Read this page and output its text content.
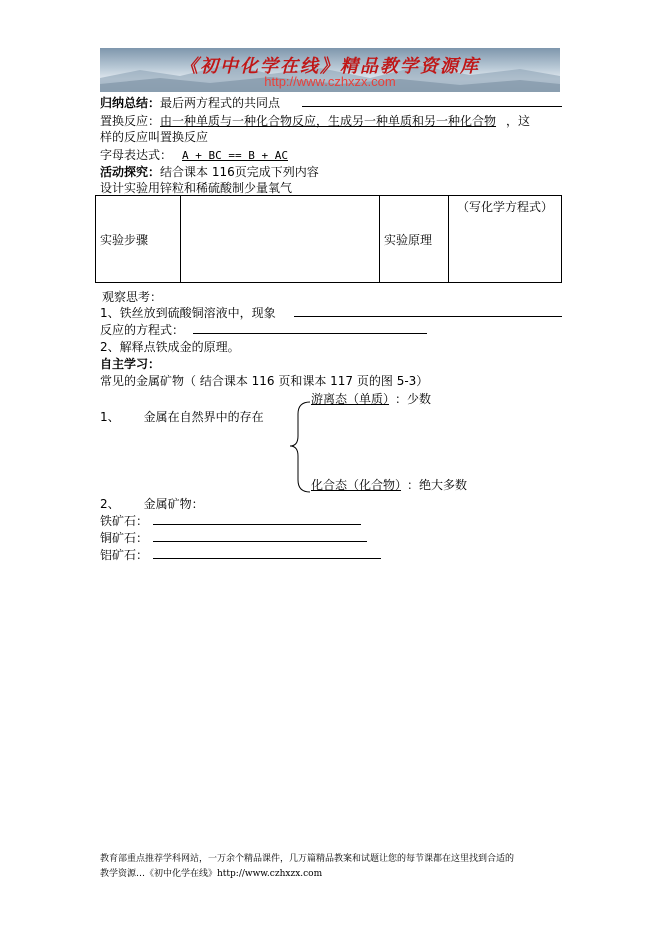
《初中化学在线》精品教学资源库
http://www.czhxzx.com
归纳总结：最后两方程式的共同点
置换反应：由一种单质与一种化合物反应，生成另一种单质和另一种化合物 ，这
样的反应叫置换反应
字母表达式： A + BC == B + AC
活动探究：结合课本 116页完成下列内容
设计实验用锌粒和稀硫酸制少量氧气
实验步骤		实验原理	（写化学方程式）
观察思考：
1、铁丝放到硫酸铜溶液中，现象
反应的方程式：
2、解释点铁成金的原理。
自主学习：
常见的金属矿物（ 结合课本 116 页和课本 117 页的图 5-3）
游离态（单质） ：少数
1、 金属在自然界中的存在
化合态（化合物） ：绝大多数
2、 金属矿物：
铁矿石：
铜矿石：
铝矿石：
教育部重点推荐学科网站，一万余个精品课件，几万篇精品教案和试题让您的每节课都在这里找到合适的
教学资源…《初中化学在线》http://www.czhxzx.com
